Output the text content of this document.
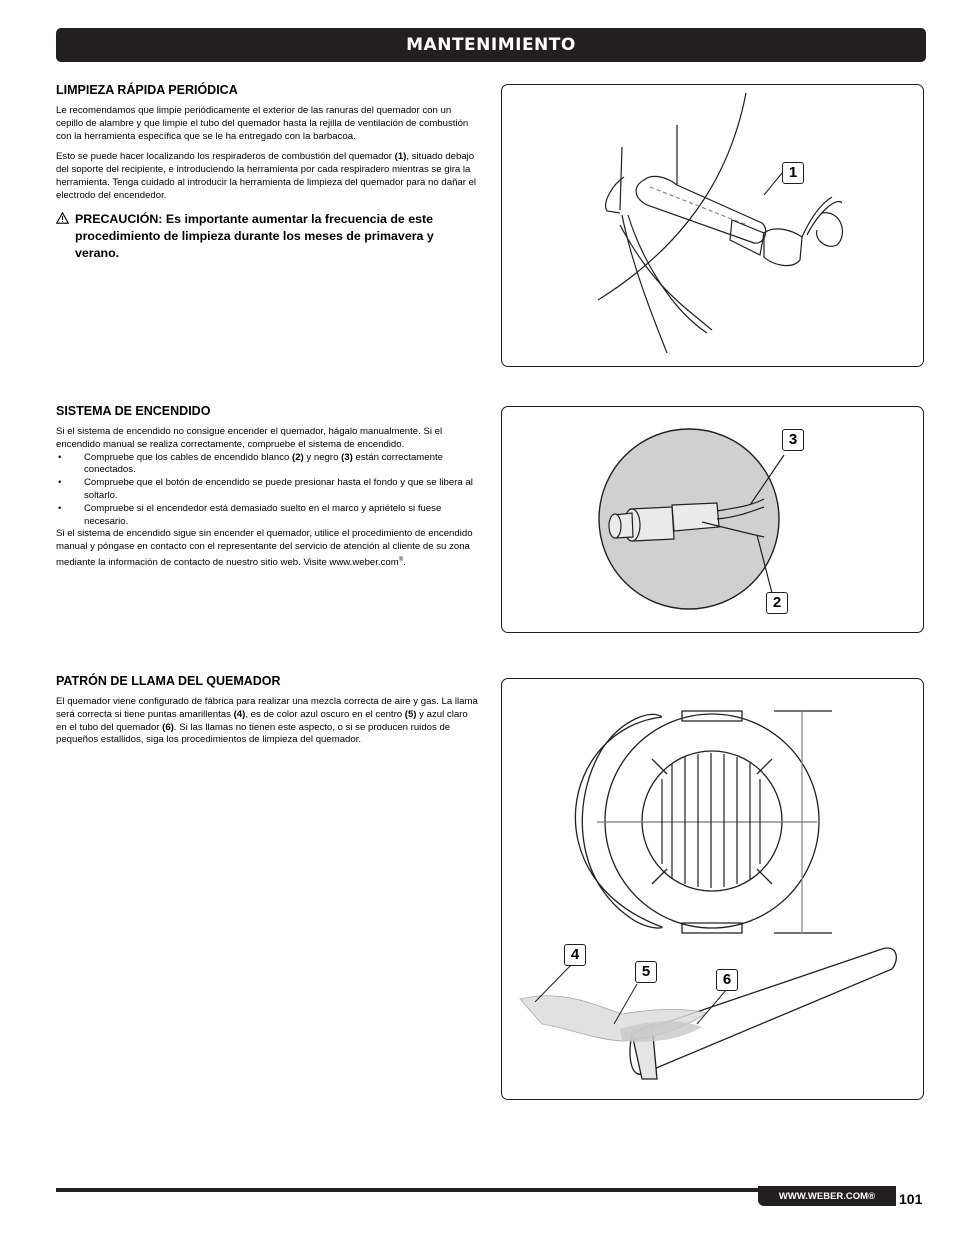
MANTENIMIENTO
LIMPIEZA RÁPIDA PERIÓDICA

Le recomendamos que limpie periódicamente el exterior de las ranuras del quemador con un cepillo de alambre y que limpie el tubo del quemador hasta la rejilla de ventilación de combustión con la herramienta específica que se le ha entregado con la barbacoa.

Esto se puede hacer localizando los respiraderos de combustión del quemador (1), situado debajo del soporte del recipiente, e introduciendo la herramienta por cada respiradero mientras se gira la herramienta. Tenga cuidado al introducir la herramienta de limpieza del quemador para no dañar el electrodo del encendedor.

PRECAUCIÓN: Es importante aumentar la frecuencia de este procedimiento de limpieza durante los meses de primavera y verano.
1
SISTEMA DE ENCENDIDO

Si el sistema de encendido no consigue encender el quemador, hágalo manualmente. Si el encendido manual se realiza correctamente, compruebe el sistema de encendido.

• Compruebe que los cables de encendido blanco (2) y negro (3) están correctamente conectados.
• Compruebe que el botón de encendido se puede presionar hasta el fondo y que se libera al soltarlo.
• Compruebe si el encendedor está demasiado suelto en el marco y apriételo si fuese necesario.

Si el sistema de encendido sigue sin encender el quemador, utilice el procedimiento de encendido manual y póngase en contacto con el representante del servicio de atención al cliente de su zona mediante la información de contacto de nuestro sitio web. Visite www.weber.com®.

3
2
PATRÓN DE LLAMA DEL QUEMADOR

El quemador viene configurado de fábrica para realizar una mezcla correcta de aire y gas. La llama será correcta si tiene puntas amarillentas (4), es de color azul oscuro en el centro (5) y azul claro en el tubo del quemador (6). Si las llamas no tienen este aspecto, o si se producen ruidos de pequeños estallidos, siga los procedimientos de limpieza del quemador.

4
5	6
WWW.WEBER.COM®	101
